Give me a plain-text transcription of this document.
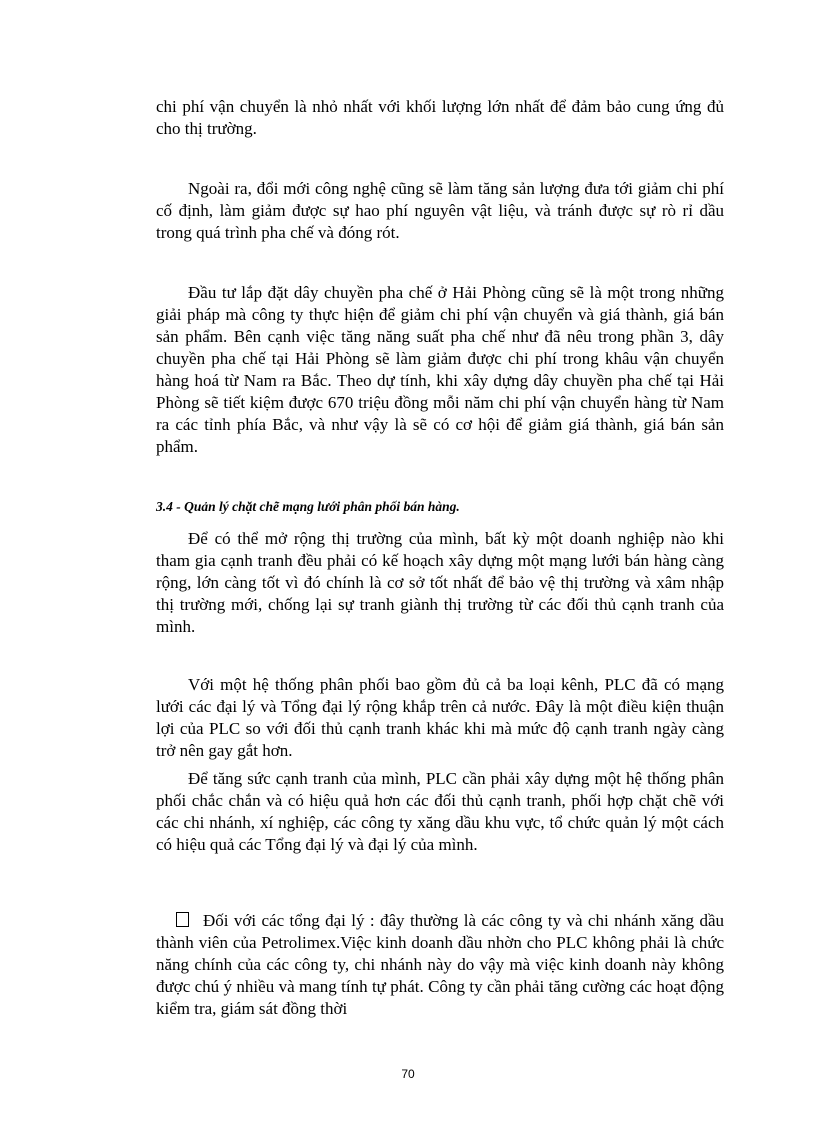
chi phí vận chuyển là nhỏ nhất với khối lượng lớn nhất để đảm bảo cung ứng đủ cho thị trường.

Ngoài ra, đổi mới công nghệ cũng sẽ làm tăng sản lượng đưa tới giảm chi phí cố định, làm giảm được sự hao phí nguyên vật liệu, và tránh được sự rò rỉ dầu trong quá trình pha chế và đóng rót.

Đầu tư lắp đặt dây chuyền pha chế ở Hải Phòng cũng sẽ là một trong những giải pháp mà công ty thực hiện để giảm chi phí vận chuyển và giá thành, giá bán sản phẩm. Bên cạnh việc tăng năng suất pha chế như đã nêu trong phần 3, dây chuyền pha chế tại Hải Phòng sẽ làm giảm được chi phí trong khâu vận chuyển hàng hoá từ Nam ra Bắc. Theo dự tính, khi xây dựng dây chuyền pha chế tại Hải Phòng sẽ tiết kiệm được 670 triệu đồng mỗi năm chi phí vận chuyển hàng từ Nam ra các tỉnh phía Bắc, và như vậy là sẽ có cơ hội để giảm giá thành, giá bán sản phẩm.

3.4 - Quản lý chặt chẽ mạng lưới phân phối bán hàng.

Để có thể mở rộng thị trường của mình, bất kỳ một doanh nghiệp nào khi tham gia cạnh tranh đều phải có kế hoạch xây dựng một mạng lưới bán hàng càng rộng, lớn càng tốt vì đó chính là cơ sở tốt nhất để bảo vệ thị trường và xâm nhập thị trường mới, chống lại sự tranh giành thị trường từ các đối thủ cạnh tranh của mình.

Với một hệ thống phân phối bao gồm đủ cả ba loại kênh, PLC đã có mạng lưới các đại lý và Tổng đại lý rộng khắp trên cả nước. Đây là một điều kiện thuận lợi của PLC so với đối thủ cạnh tranh khác khi mà mức độ cạnh tranh ngày càng trở nên gay gắt hơn.

Để tăng sức cạnh tranh của mình, PLC cần phải xây dựng một hệ thống phân phối chắc chắn và có hiệu quả hơn các đối thủ cạnh tranh, phối hợp chặt chẽ với các chi nhánh, xí nghiệp, các công ty xăng dầu khu vực, tổ chức quản lý một cách có hiệu quả các Tổng đại lý và đại lý của mình.

Đối với các tổng đại lý : đây thường là các công ty và chi nhánh xăng dầu thành viên của Petrolimex.Việc kinh doanh dầu nhờn cho PLC không phải là chức năng chính của các công ty, chi nhánh này do vậy mà việc kinh doanh này không được chú ý nhiều và mang tính tự phát. Công ty cần phải tăng cường các hoạt động kiểm tra, giám sát đồng thời

70
